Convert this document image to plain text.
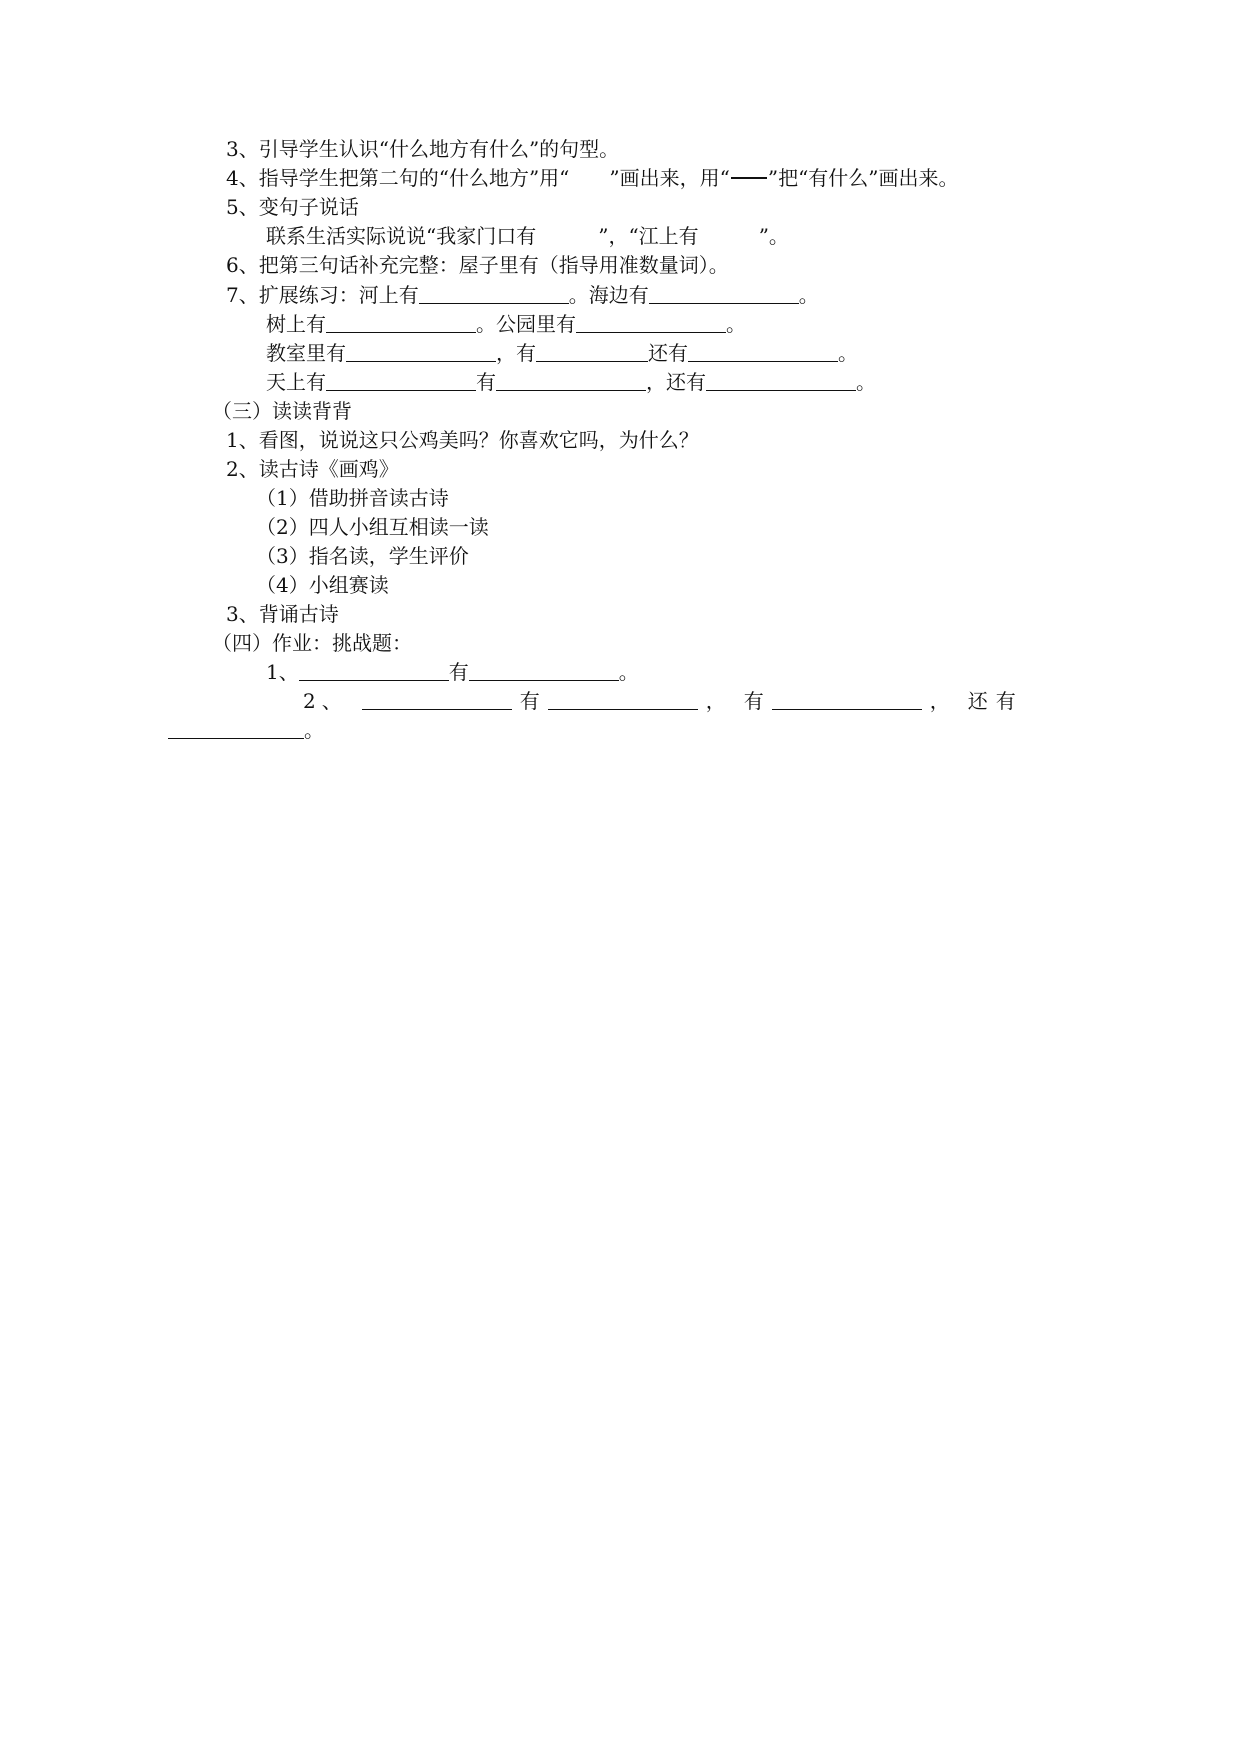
3、引导学生认识“什么地方有什么”的句型。
4、指导学生把第二句的“什么地方”用“ ”画出来，用“ ”把“有什么”画出来。
5、变句子说话
联系生活实际说说“我家门口有	”，“江上有	”。
6、把第三句话补充完整：屋子里有（指导用准数量词）。
7、扩展练习：河上有	。海边有	。
树上有	。公园里有	。
教室里有	，有	还有	。
天上有	有	，还有	。
（三）读读背背
1、看图，说说这只公鸡美吗？你喜欢它吗，为什么？
2、读古诗《画鸡》
（1）借助拼音读古诗
（2）四人小组互相读一读
（3）指名读，学生评价
（4）小组赛读
3、背诵古诗
（四）作业：挑战题：
1、	有	。
2 、	有	， 有	， 还 有
。
